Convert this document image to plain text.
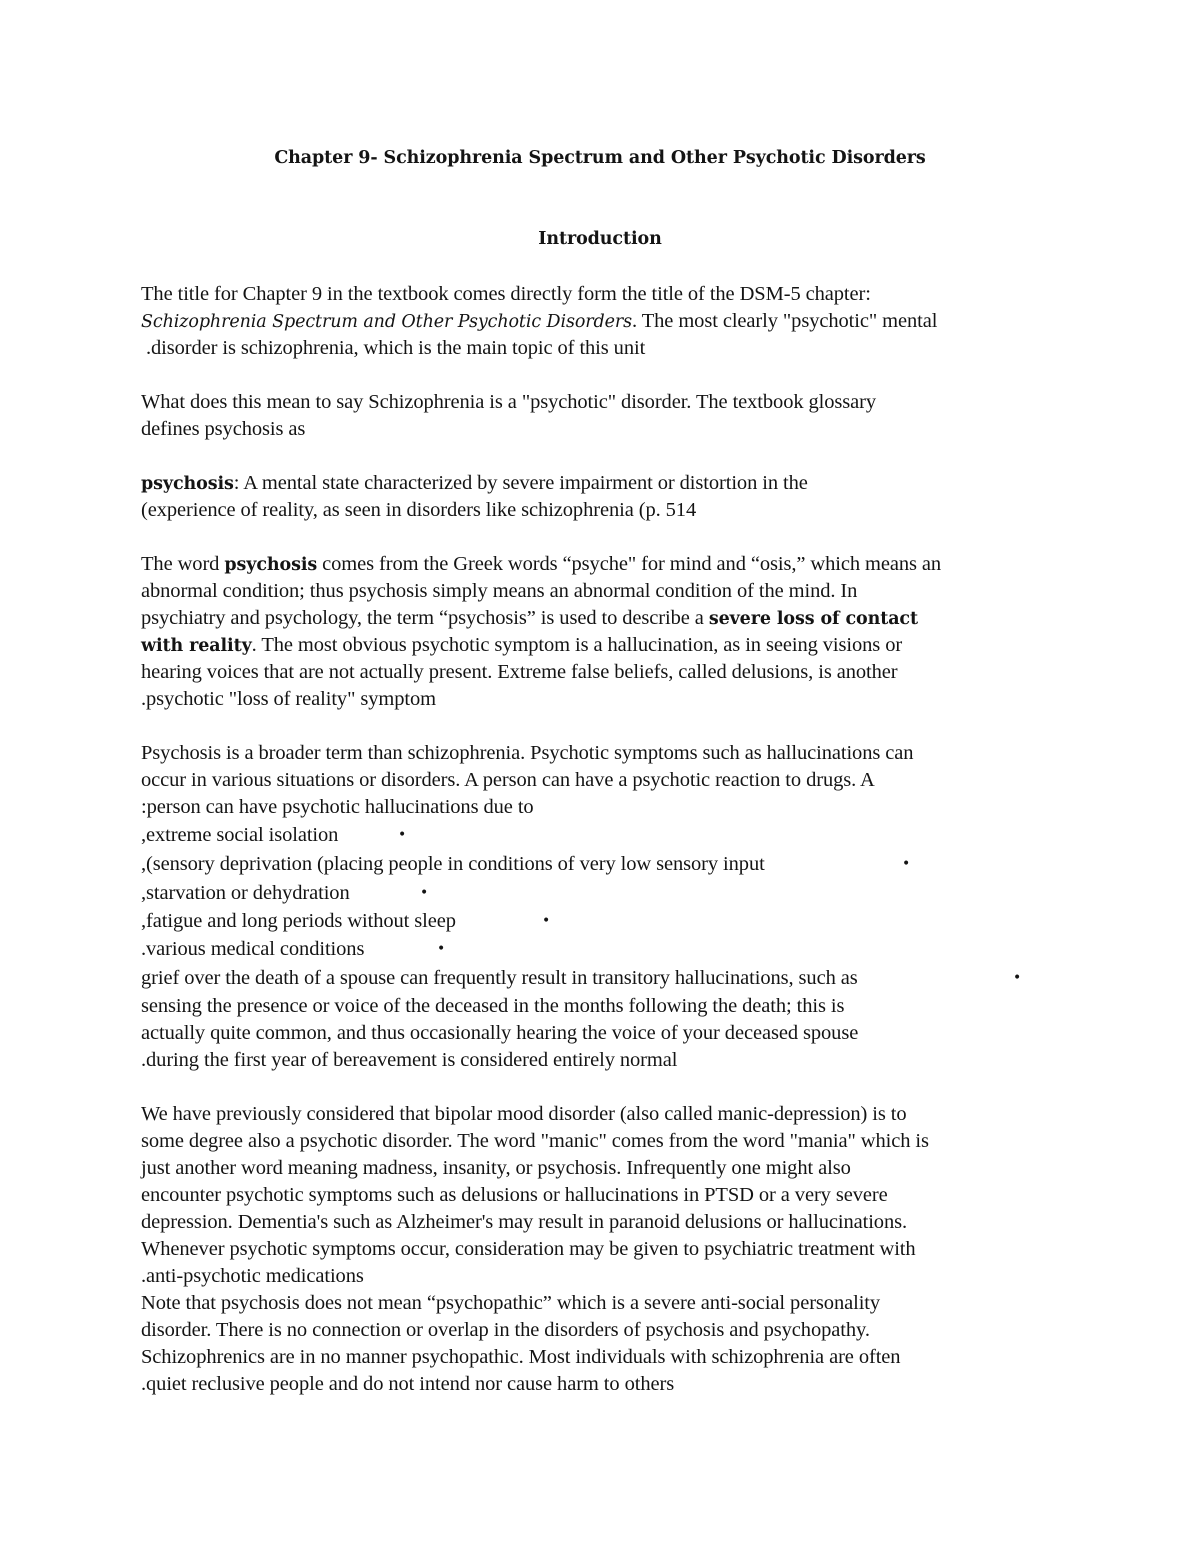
Chapter 9- Schizophrenia Spectrum and Other Psychotic Disorders
Introduction
The title for Chapter 9 in the textbook comes directly form the title of the DSM-5 chapter:
Schizophrenia Spectrum and Other Psychotic Disorders. The most clearly "psychotic" mental
.disorder is schizophrenia, which is the main topic of this unit
What does this mean to say Schizophrenia is a "psychotic" disorder. The textbook glossary
defines psychosis as
psychosis: A mental state characterized by severe impairment or distortion in the
(experience of reality, as seen in disorders like schizophrenia (p. 514
The word psychosis comes from the Greek words “psyche" for mind and “osis,” which means an
abnormal condition; thus psychosis simply means an abnormal condition of the mind. In
psychiatry and psychology, the term “psychosis” is used to describe a severe loss of contact
with reality. The most obvious psychotic symptom is a hallucination, as in seeing visions or
hearing voices that are not actually present. Extreme false beliefs, called delusions, is another
.psychotic "loss of reality" symptom
Psychosis is a broader term than schizophrenia. Psychotic symptoms such as hallucinations can
occur in various situations or disorders. A person can have a psychotic reaction to drugs. A
:person can have psychotic hallucinations due to
,extreme social isolation	•
,(sensory deprivation (placing people in conditions of very low sensory input	•
,starvation or dehydration	•
,fatigue and long periods without sleep	•
.various medical conditions	•
grief over the death of a spouse can frequently result in transitory hallucinations, such as	•
sensing the presence or voice of the deceased in the months following the death; this is
actually quite common, and thus occasionally hearing the voice of your deceased spouse
.during the first year of bereavement is considered entirely normal
We have previously considered that bipolar mood disorder (also called manic-depression) is to
some degree also a psychotic disorder. The word "manic" comes from the word "mania" which is
just another word meaning madness, insanity, or psychosis. Infrequently one might also
encounter psychotic symptoms such as delusions or hallucinations in PTSD or a very severe
depression. Dementia's such as Alzheimer's may result in paranoid delusions or hallucinations.
Whenever psychotic symptoms occur, consideration may be given to psychiatric treatment with
.anti-psychotic medications
Note that psychosis does not mean “psychopathic” which is a severe anti-social personality
disorder. There is no connection or overlap in the disorders of psychosis and psychopathy.
Schizophrenics are in no manner psychopathic. Most individuals with schizophrenia are often
.quiet reclusive people and do not intend nor cause harm to others
